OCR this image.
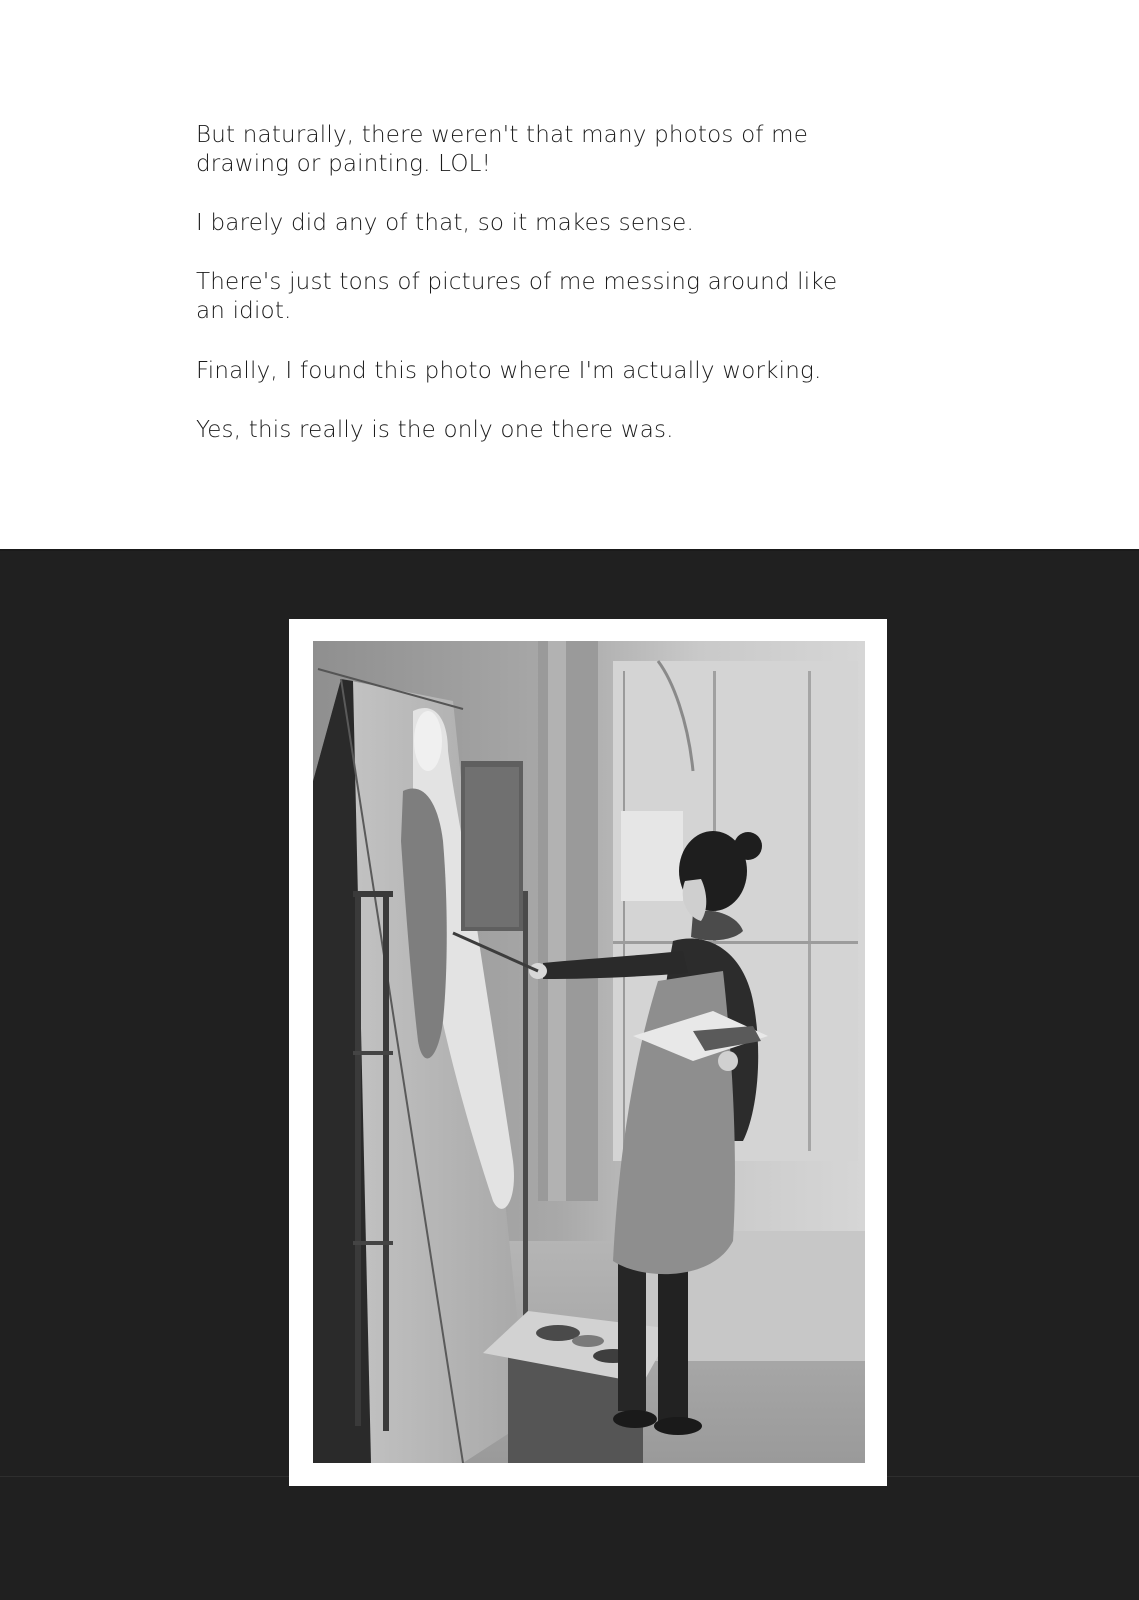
But naturally, there weren't that many photos of me
drawing or painting. LOL!

I barely did any of that, so it makes sense.

There's just tons of pictures of me messing around like
an idiot.

Finally, I found this photo where I'm actually working.

Yes, this really is the only one there was.
